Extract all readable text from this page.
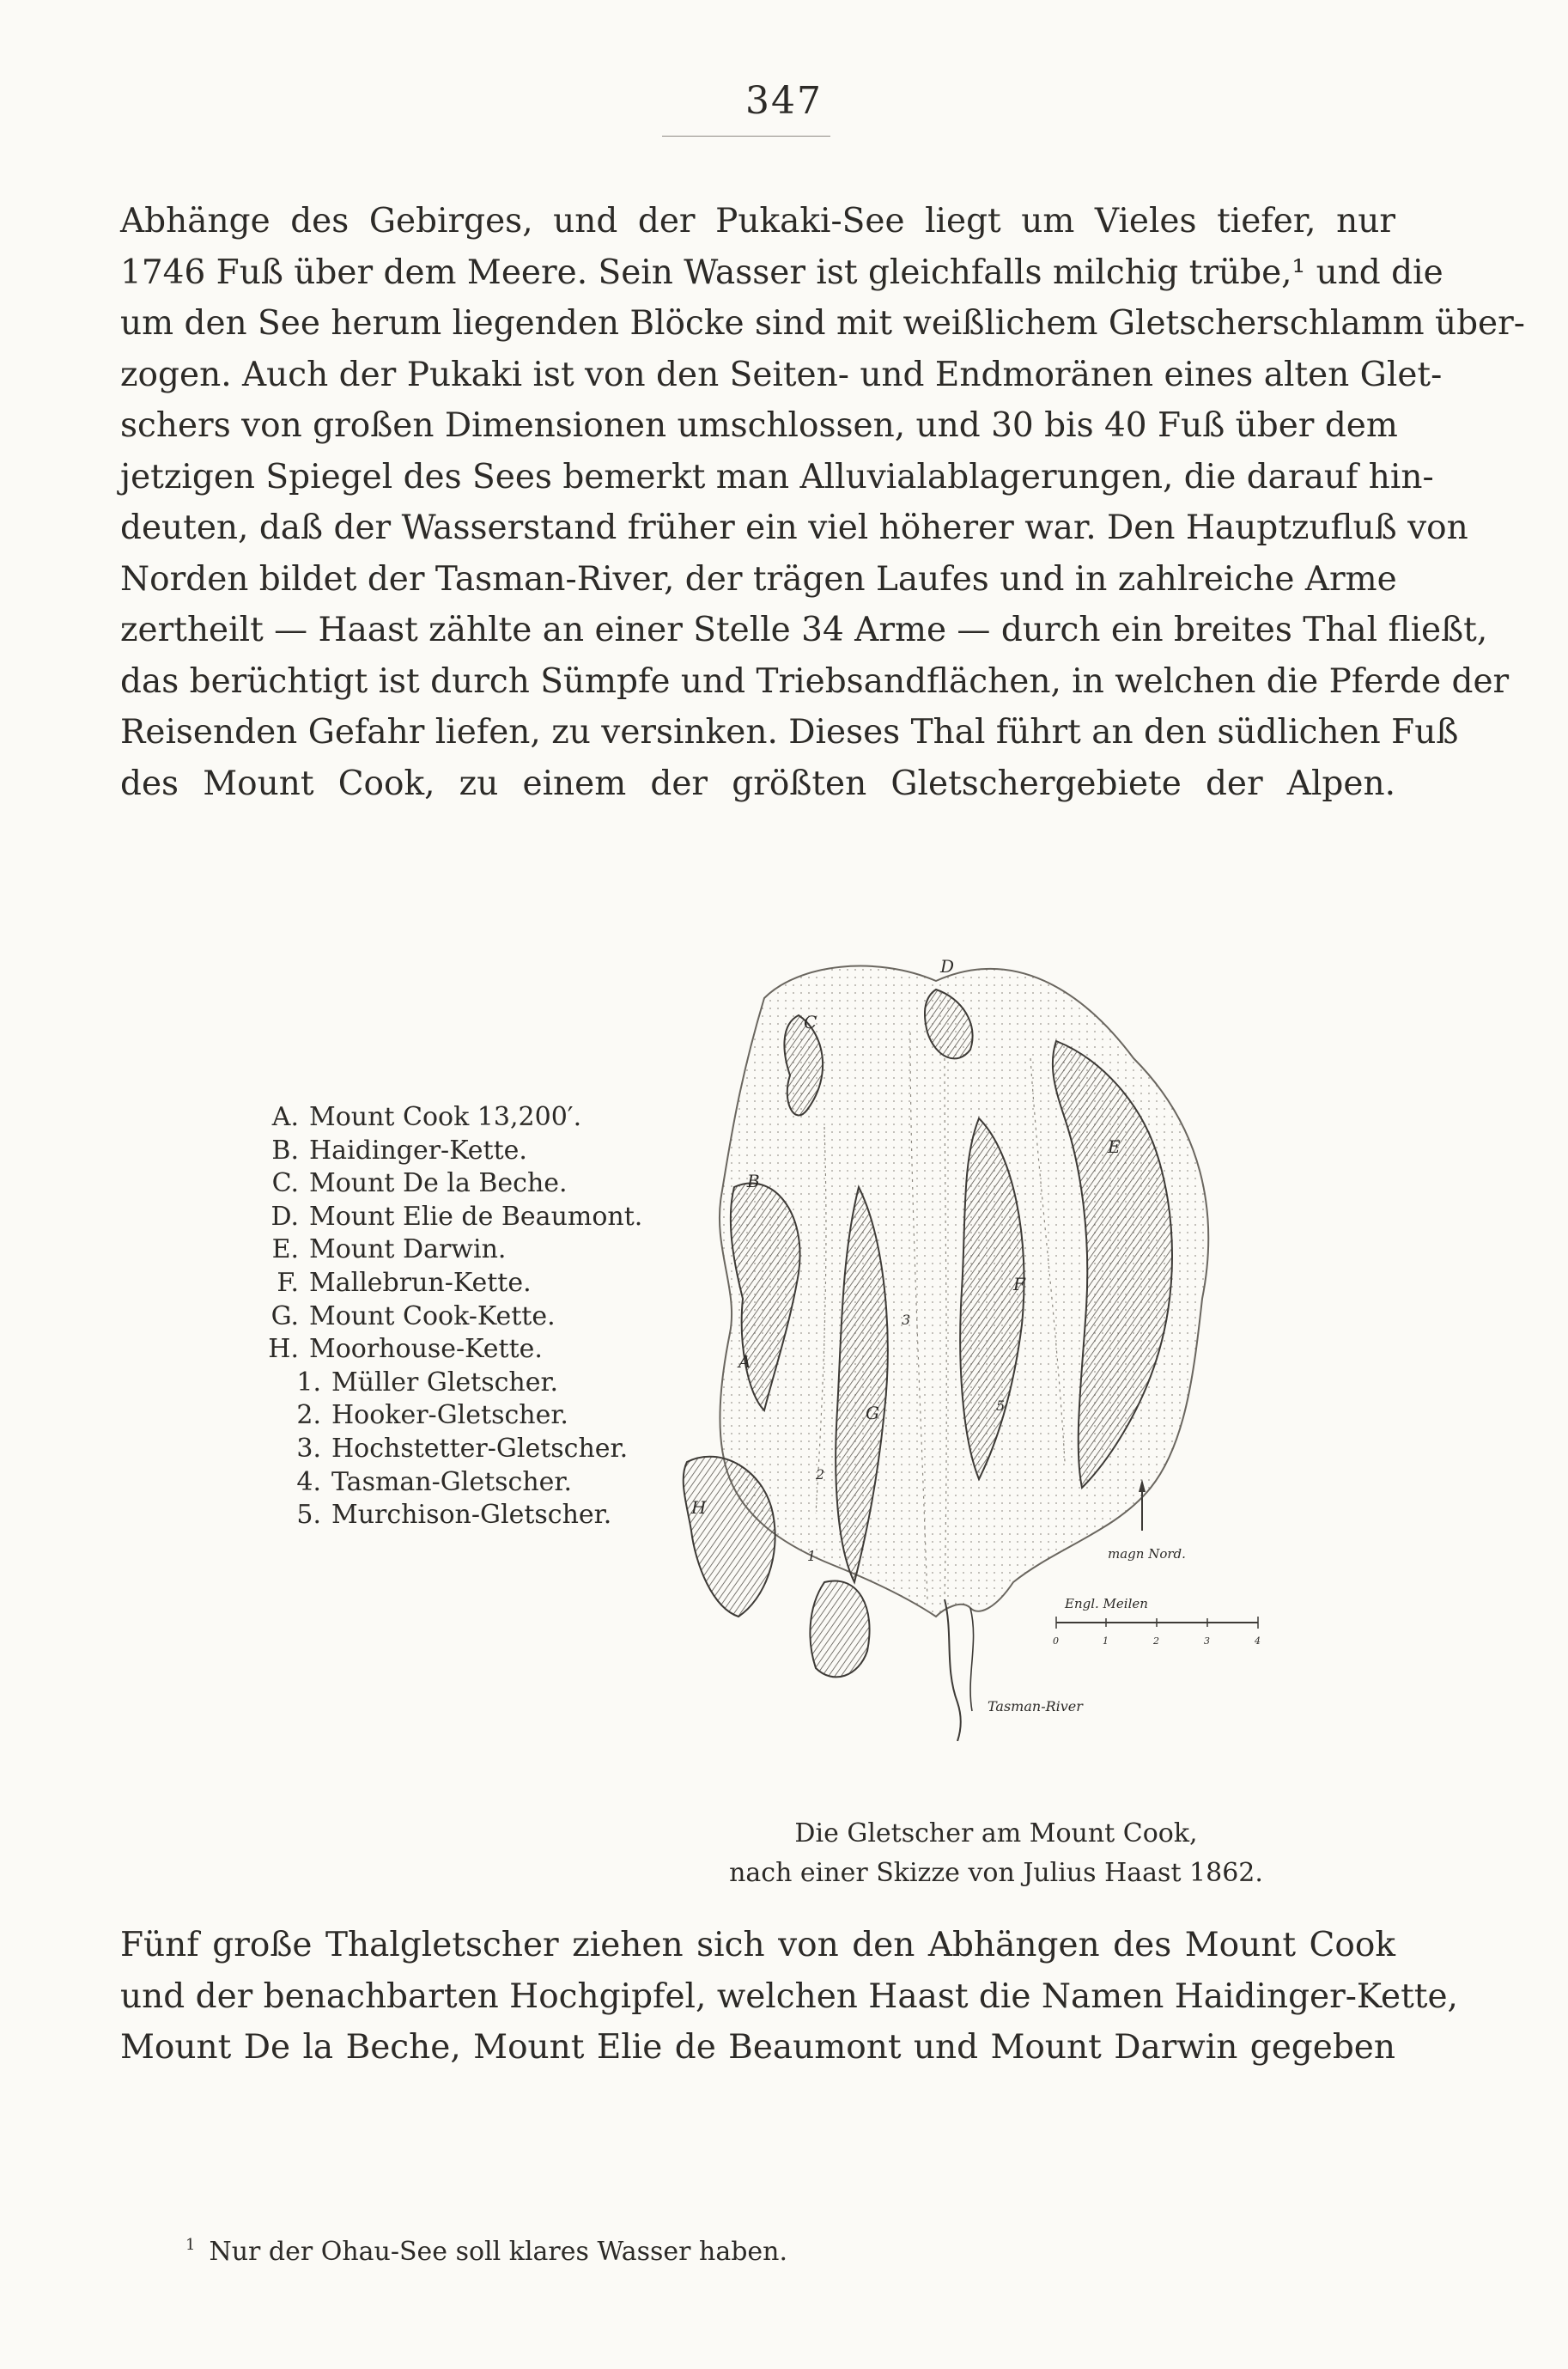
347
Abhänge des Gebirges, und der Pukaki-See liegt um Vieles tiefer, nur
1746 Fuß über dem Meere. Sein Wasser ist gleichfalls milchig trübe,¹ und die
um den See herum liegenden Blöcke sind mit weißlichem Gletscherschlamm über-
zogen. Auch der Pukaki ist von den Seiten- und Endmoränen eines alten Glet-
schers von großen Dimensionen umschlossen, und 30 bis 40 Fuß über dem
jetzigen Spiegel des Sees bemerkt man Alluvialablagerungen, die darauf hin-
deuten, daß der Wasserstand früher ein viel höherer war. Den Hauptzufluß von
Norden bildet der Tasman-River, der trägen Laufes und in zahlreiche Arme
zertheilt — Haast zählte an einer Stelle 34 Arme — durch ein breites Thal fließt,
das berüchtigt ist durch Sümpfe und Triebsandflächen, in welchen die Pferde der
Reisenden Gefahr liefen, zu versinken. Dieses Thal führt an den südlichen Fuß
des Mount Cook, zu einem der größten Gletschergebiete der Alpen.
A. Mount Cook 13,200′.
B. Haidinger-Kette.
C. Mount De la Beche.
D. Mount Elie de Beaumont.
E. Mount Darwin.
F. Mallebrun-Kette.
G. Mount Cook-Kette.
H. Moorhouse-Kette.
1. Müller Gletscher.
2. Hooker-Gletscher.
3. Hochstetter-Gletscher.
4. Tasman-Gletscher.
5. Murchison-Gletscher.
D
C
E
B
F
A
G
H
3
5
2
1	magn Nord.
Engl. Meilen
0	1	2	3	4
Tasman-River
Die Gletscher am Mount Cook,
nach einer Skizze von Julius Haast 1862.
Fünf große Thalgletscher ziehen sich von den Abhängen des Mount Cook
und der benachbarten Hochgipfel, welchen Haast die Namen Haidinger-Kette,
Mount De la Beche, Mount Elie de Beaumont und Mount Darwin gegeben
$^1$ Nur der Ohau-See soll klares Wasser haben.
